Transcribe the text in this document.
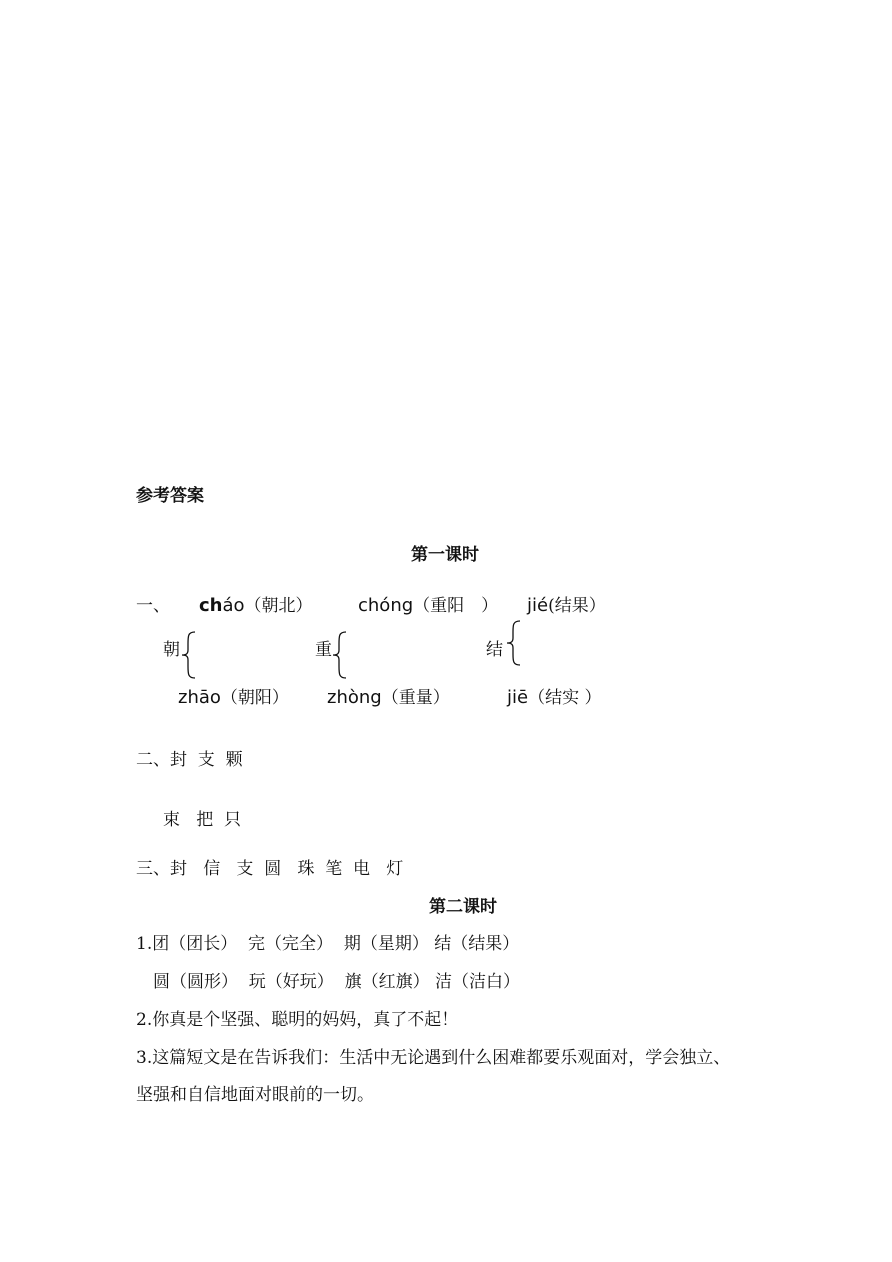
参考答案
第一课时
一、 cháo（朝北）	chóng（重阳　） jié(结果）
朝	重	结
zhāo（朝阳） zhòng（重量）	jiē（结实 ）
二、封  支  颗
束   把  只
三、封   信   支  圆   珠  笔  电   灯
第二课时
1.团（团长）  完（完全）  期（星期） 结（结果）
圆（圆形）  玩（好玩）  旗（红旗） 洁（洁白）
2.你真是个坚强、聪明的妈妈，真了不起！
3.这篇短文是在告诉我们：生活中无论遇到什么困难都要乐观面对，学会独立、
坚强和自信地面对眼前的一切。
